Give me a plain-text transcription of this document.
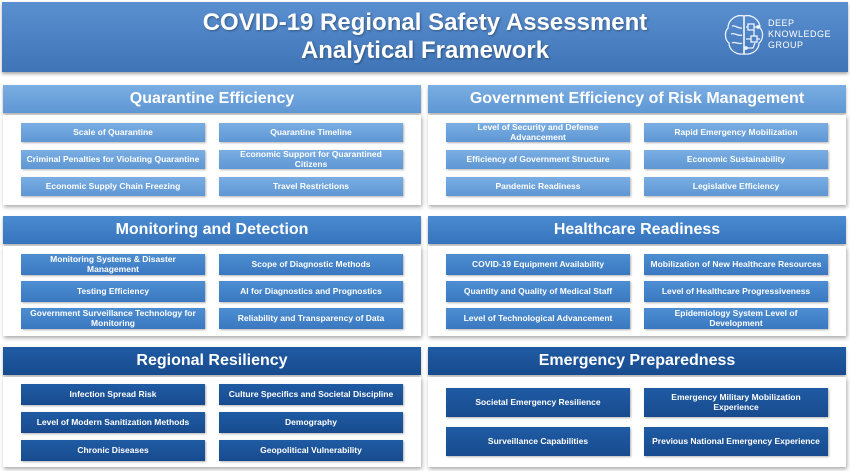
COVID-19 Regional Safety Assessment
Analytical Framework
DEEP
KNOWLEDGE
GROUP
Quarantine Efficiency
Scale of Quarantine	Quarantine Timeline
Criminal Penalties for Violating Quarantine	Economic Support for Quarantined Citizens
Economic Supply Chain Freezing	Travel Restrictions
Government Efficiency of Risk Management
Level of Security and Defense Advancement	Rapid Emergency Mobilization
Efficiency of Government Structure	Economic Sustainability
Pandemic Readiness	Legislative Efficiency
Monitoring and Detection
Monitoring Systems & Disaster Management	Scope of Diagnostic Methods
Testing Efficiency	AI for Diagnostics and Prognostics
Government Surveillance Technology for Monitoring	Reliability and Transparency of Data
Healthcare Readiness
COVID-19 Equipment Availability	Mobilization of New Healthcare Resources
Quantity and Quality of Medical Staff	Level of Healthcare Progressiveness
Level of Technological Advancement	Epidemiology System Level of Development
Regional Resiliency
Infection Spread Risk	Culture Specifics and Societal Discipline
Level of Modern Sanitization Methods	Demography
Chronic Diseases	Geopolitical Vulnerability
Emergency Preparedness
Societal Emergency Resilience	Emergency Military Mobilization Experience
Surveillance Capabilities	Previous National Emergency Experience
